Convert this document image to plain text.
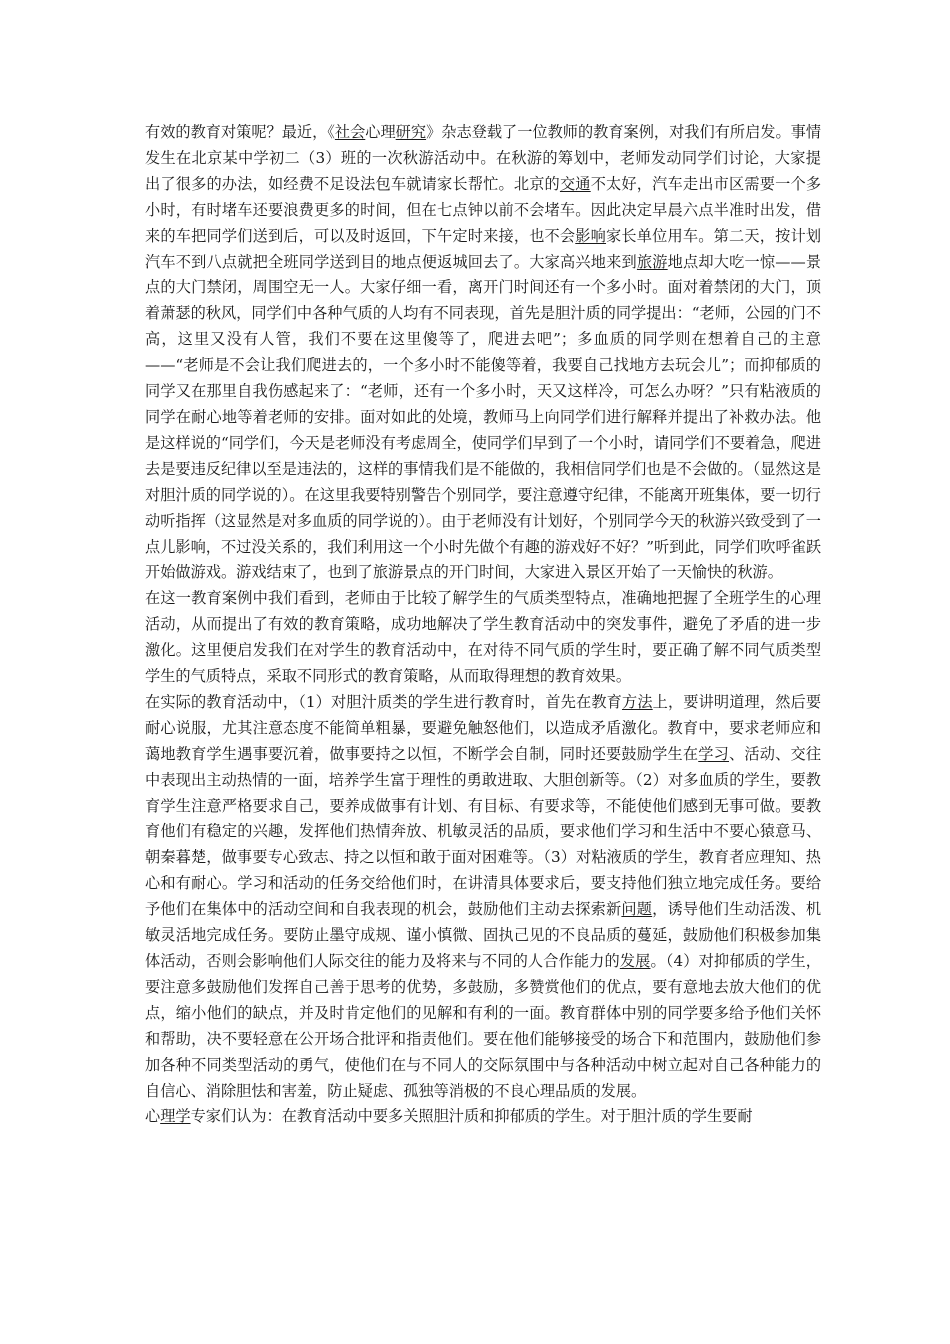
有效的教育对策呢？最近，《社会心理研究》杂志登载了一位教师的教育案例，对我们有所启发。事情发生在北京某中学初二（3）班的一次秋游活动中。在秋游的筹划中，老师发动同学们讨论，大家提出了很多的办法，如经费不足设法包车就请家长帮忙。北京的交通不太好，汽车走出市区需要一个多小时，有时堵车还要浪费更多的时间，但在七点钟以前不会堵车。因此决定早晨六点半准时出发，借来的车把同学们送到后，可以及时返回，下午定时来接，也不会影响家长单位用车。第二天，按计划汽车不到八点就把全班同学送到目的地点便返城回去了。大家高兴地来到旅游地点却大吃一惊——景点的大门禁闭，周围空无一人。大家仔细一看，离开门时间还有一个多小时。面对着禁闭的大门，顶着萧瑟的秋风，同学们中各种气质的人均有不同表现，首先是胆汁质的同学提出：“老师，公园的门不高，这里又没有人管，我们不要在这里傻等了，爬进去吧”；多血质的同学则在想着自己的主意——“老师是不会让我们爬进去的，一个多小时不能傻等着，我要自己找地方去玩会儿”；而抑郁质的同学又在那里自我伤感起来了：“老师，还有一个多小时，天又这样冷，可怎么办呀？”只有粘液质的同学在耐心地等着老师的安排。面对如此的处境，教师马上向同学们进行解释并提出了补救办法。他是这样说的“同学们，今天是老师没有考虑周全，使同学们早到了一个小时，请同学们不要着急，爬进去是要违反纪律以至是违法的，这样的事情我们是不能做的，我相信同学们也是不会做的。（显然这是对胆汁质的同学说的）。在这里我要特别警告个别同学，要注意遵守纪律，不能离开班集体，要一切行动听指挥（这显然是对多血质的同学说的）。由于老师没有计划好，个别同学今天的秋游兴致受到了一点儿影响，不过没关系的，我们利用这一个小时先做个有趣的游戏好不好？”听到此，同学们吹呼雀跃开始做游戏。游戏结束了，也到了旅游景点的开门时间，大家进入景区开始了一天愉快的秋游。

在这一教育案例中我们看到，老师由于比较了解学生的气质类型特点，准确地把握了全班学生的心理活动，从而提出了有效的教育策略，成功地解决了学生教育活动中的突发事件，避免了矛盾的进一步激化。这里便启发我们在对学生的教育活动中，在对待不同气质的学生时，要正确了解不同气质类型学生的气质特点，采取不同形式的教育策略，从而取得理想的教育效果。

在实际的教育活动中，（1）对胆汁质类的学生进行教育时，首先在教育方法上，要讲明道理，然后要耐心说服，尤其注意态度不能简单粗暴，要避免触怒他们，以造成矛盾激化。教育中，要求老师应和蔼地教育学生遇事要沉着，做事要持之以恒，不断学会自制，同时还要鼓励学生在学习、活动、交往中表现出主动热情的一面，培养学生富于理性的勇敢进取、大胆创新等。（2）对多血质的学生，要教育学生注意严格要求自己，要养成做事有计划、有目标、有要求等，不能使他们感到无事可做。要教育他们有稳定的兴趣，发挥他们热情奔放、机敏灵活的品质，要求他们学习和生活中不要心猿意马、朝秦暮楚，做事要专心致志、持之以恒和敢于面对困难等。（3）对粘液质的学生，教育者应理知、热心和有耐心。学习和活动的任务交给他们时，在讲清具体要求后，要支持他们独立地完成任务。要给予他们在集体中的活动空间和自我表现的机会，鼓励他们主动去探索新问题，诱导他们生动活泼、机敏灵活地完成任务。要防止墨守成规、谨小慎微、固执己见的不良品质的蔓延，鼓励他们积极参加集体活动，否则会影响他们人际交往的能力及将来与不同的人合作能力的发展。（4）对抑郁质的学生，要注意多鼓励他们发挥自己善于思考的优势，多鼓励，多赞赏他们的优点，要有意地去放大他们的优点，缩小他们的缺点，并及时肯定他们的见解和有利的一面。教育群体中别的同学要多给予他们关怀和帮助，决不要轻意在公开场合批评和指责他们。要在他们能够接受的场合下和范围内，鼓励他们参加各种不同类型活动的勇气，使他们在与不同人的交际氛围中与各种活动中树立起对自己各种能力的自信心、消除胆怯和害羞，防止疑虑、孤独等消极的不良心理品质的发展。

心理学专家们认为：在教育活动中要多关照胆汁质和抑郁质的学生。对于胆汁质的学生要耐
